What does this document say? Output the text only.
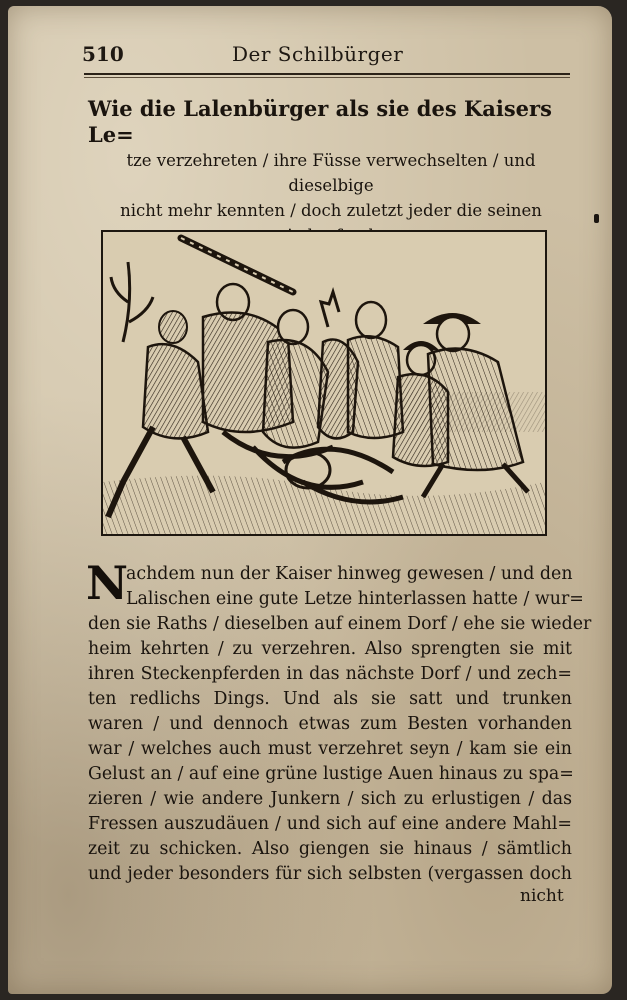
510	Der Schilbürger
Wie die Lalenbürger als sie des Kaisers Le=
tze verzehreten / ihre Füsse verwechselten / und dieselbige
nicht mehr kennten / doch zuletzt jeder die seinen
N
achdem nun der Kaiser hinweg gewesen / und den
Lalischen eine gute Letze hinterlassen hatte / wur=
den sie Raths / dieselben auf einem Dorf / ehe sie wieder
heim kehrten / zu verzehren. Also sprengten sie mit
ihren Steckenpferden in das nächste Dorf / und zech=
ten redlichs Dings. Und als sie satt und trunken
waren / und dennoch etwas zum Besten vorhanden
war / welches auch must verzehret seyn / kam sie ein
Gelust an / auf eine grüne lustige Auen hinaus zu spa=
zieren / wie andere Junkern / sich zu erlustigen / das
Fressen auszudäuen / und sich auf eine andere Mahl=
zeit zu schicken. Also giengen sie hinaus / sämtlich
und jeder besonders für sich selbsten (vergassen doch
nicht
